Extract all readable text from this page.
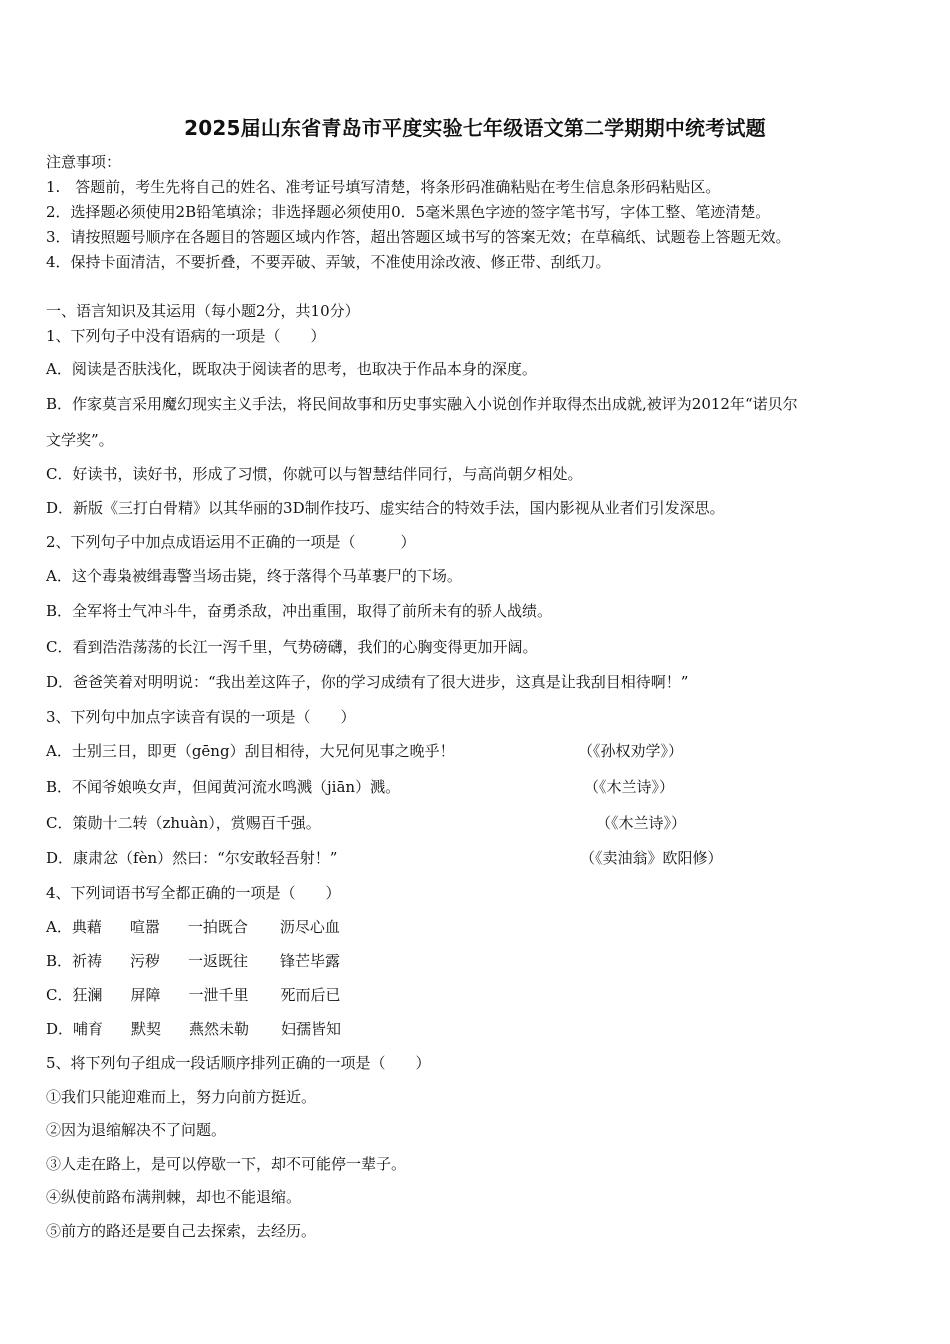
2025届山东省青岛市平度实验七年级语文第二学期期中统考试题
注意事项：
1.　答题前，考生先将自己的姓名、准考证号填写清楚，将条形码准确粘贴在考生信息条形码粘贴区。
2．选择题必须使用2B铅笔填涂；非选择题必须使用0．5毫米黑色字迹的签字笔书写，字体工整、笔迹清楚。
3．请按照题号顺序在各题目的答题区域内作答，超出答题区域书写的答案无效；在草稿纸、试题卷上答题无效。
4．保持卡面清洁，不要折叠，不要弄破、弄皱，不准使用涂改液、修正带、刮纸刀。
一、语言知识及其运用（每小题2分，共10分）
1、下列句子中没有语病的一项是（　　）
A．阅读是否肤浅化，既取决于阅读者的思考，也取决于作品本身的深度。
B．作家莫言采用魔幻现实主义手法，将民间故事和历史事实融入小说创作并取得杰出成就,被评为2012年“诺贝尔
文学奖”。
C．好读书，读好书，形成了习惯，你就可以与智慧结伴同行，与高尚朝夕相处。
D．新版《三打白骨精》以其华丽的3D制作技巧、虚实结合的特效手法，国内影视从业者们引发深思。
2、下列句子中加点成语运用不正确的一项是（　　　）
A．这个毒枭被缉毒警当场击毙，终于落得个马革裹尸的下场。
B．全军将士气冲斗牛，奋勇杀敌，冲出重围，取得了前所未有的骄人战绩。
C．看到浩浩荡荡的长江一泻千里，气势磅礴，我们的心胸变得更加开阔。
D．爸爸笑着对明明说：“我出差这阵子，你的学习成绩有了很大进步，这真是让我刮目相待啊！”
3、下列句中加点字读音有误的一项是（　　）
A．士别三日，即更（gēng）刮目相待，大兄何见事之晚乎！	（《孙权劝学》）
B．不闻爷娘唤女声，但闻黄河流水鸣溅（jiān）溅。	（《木兰诗》）
C．策勋十二转（zhuàn），赏赐百千强。	（《木兰诗》）
D．康肃忿（fèn）然曰：“尔安敢轻吾射！”	（《卖油翁》欧阳修）
4、下列词语书写全都正确的一项是（　　）
A．典藉 喧嚣 一拍既合 沥尽心血
B．祈祷 污秽 一返既往 锋芒毕露
C．狂澜 屏障 一泄千里 死而后已
D．哺育 默契 燕然未勒 妇孺皆知
5、将下列句子组成一段话顺序排列正确的一项是（　　）
①我们只能迎难而上，努力向前方挺近。
②因为退缩解决不了问题。
③人走在路上，是可以停歇一下，却不可能停一辈子。
④纵使前路布满荆棘，却也不能退缩。
⑤前方的路还是要自己去探索，去经历。
